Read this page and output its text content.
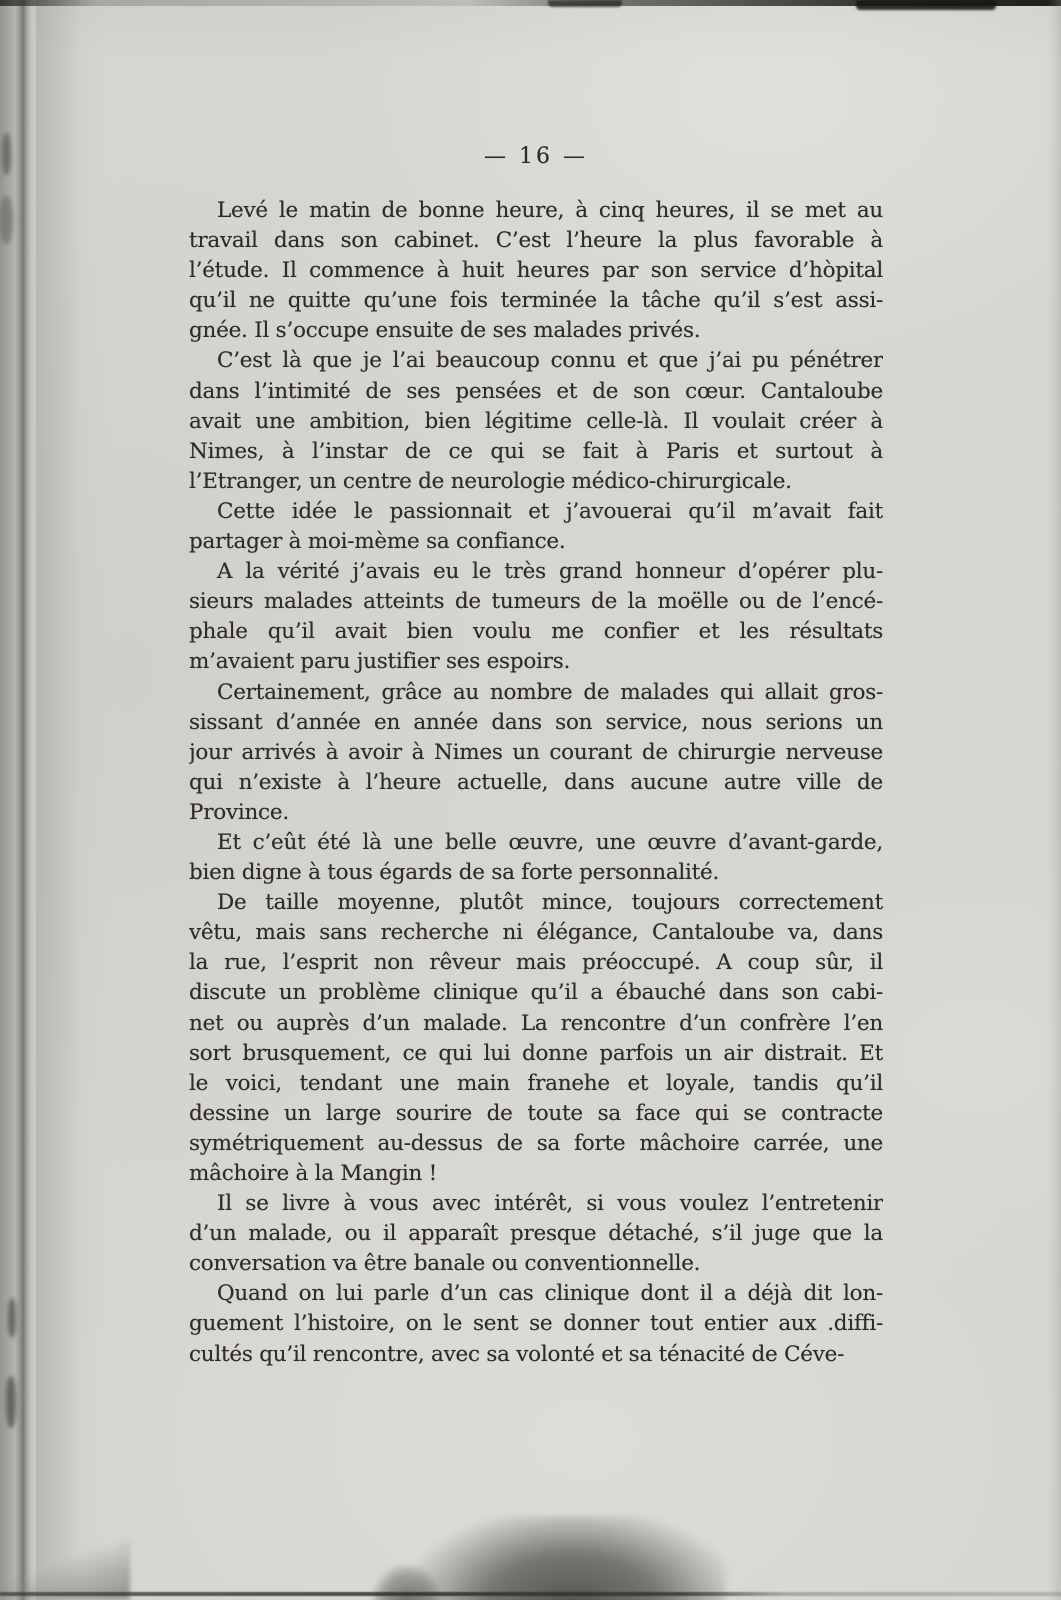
— 16 —
Levé le matin de bonne heure, à cinq heures, il se met au
travail dans son cabinet. C’est l’heure la plus favorable à
l’étude. Il commence à huit heures par son service d’hòpital
qu’il ne quitte qu’une fois terminée la tâche qu’il s’est assi-
gnée. Il s’occupe ensuite de ses malades privés.
C’est là que je l’ai beaucoup connu et que j’ai pu pénétrer
dans l’intimité de ses pensées et de son cœur. Cantaloube
avait une ambition, bien légitime celle-là. Il voulait créer à
Nimes, à l’instar de ce qui se fait à Paris et surtout à
l’Etranger, un centre de neurologie médico-chirurgicale.
Cette idée le passionnait et j’avouerai qu’il m’avait fait
partager à moi-mème sa confiance.
A la vérité j’avais eu le très grand honneur d’opérer plu-
sieurs malades atteints de tumeurs de la moëlle ou de l’encé-
phale qu’il avait bien voulu me confier et les résultats
m’avaient paru justifier ses espoirs.
Certainement, grâce au nombre de malades qui allait gros-
sissant d’année en année dans son service, nous serions un
jour arrivés à avoir à Nimes un courant de chirurgie nerveuse
qui n’existe à l’heure actuelle, dans aucune autre ville de
Province.
Et c’eût été là une belle œuvre, une œuvre d’avant-garde,
bien digne à tous égards de sa forte personnalité.
De taille moyenne, plutôt mince, toujours correctement
vêtu, mais sans recherche ni élégance, Cantaloube va, dans
la rue, l’esprit non rêveur mais préoccupé. A coup sûr, il
discute un problème clinique qu’il a ébauché dans son cabi-
net ou auprès d’un malade. La rencontre d’un confrère l’en
sort brusquement, ce qui lui donne parfois un air distrait. Et
le voici, tendant une main franehe et loyale, tandis qu’il
dessine un large sourire de toute sa face qui se contracte
symétriquement au-dessus de sa forte mâchoire carrée, une
mâchoire à la Mangin !
Il se livre à vous avec intérêt, si vous voulez l’entretenir
d’un malade, ou il apparaît presque détaché, s’il juge que la
conversation va être banale ou conventionnelle.
Quand on lui parle d’un cas clinique dont il a déjà dit lon-
guement l’histoire, on le sent se donner tout entier aux .diffi-
cultés qu’il rencontre, avec sa volonté et sa ténacité de Céve-
